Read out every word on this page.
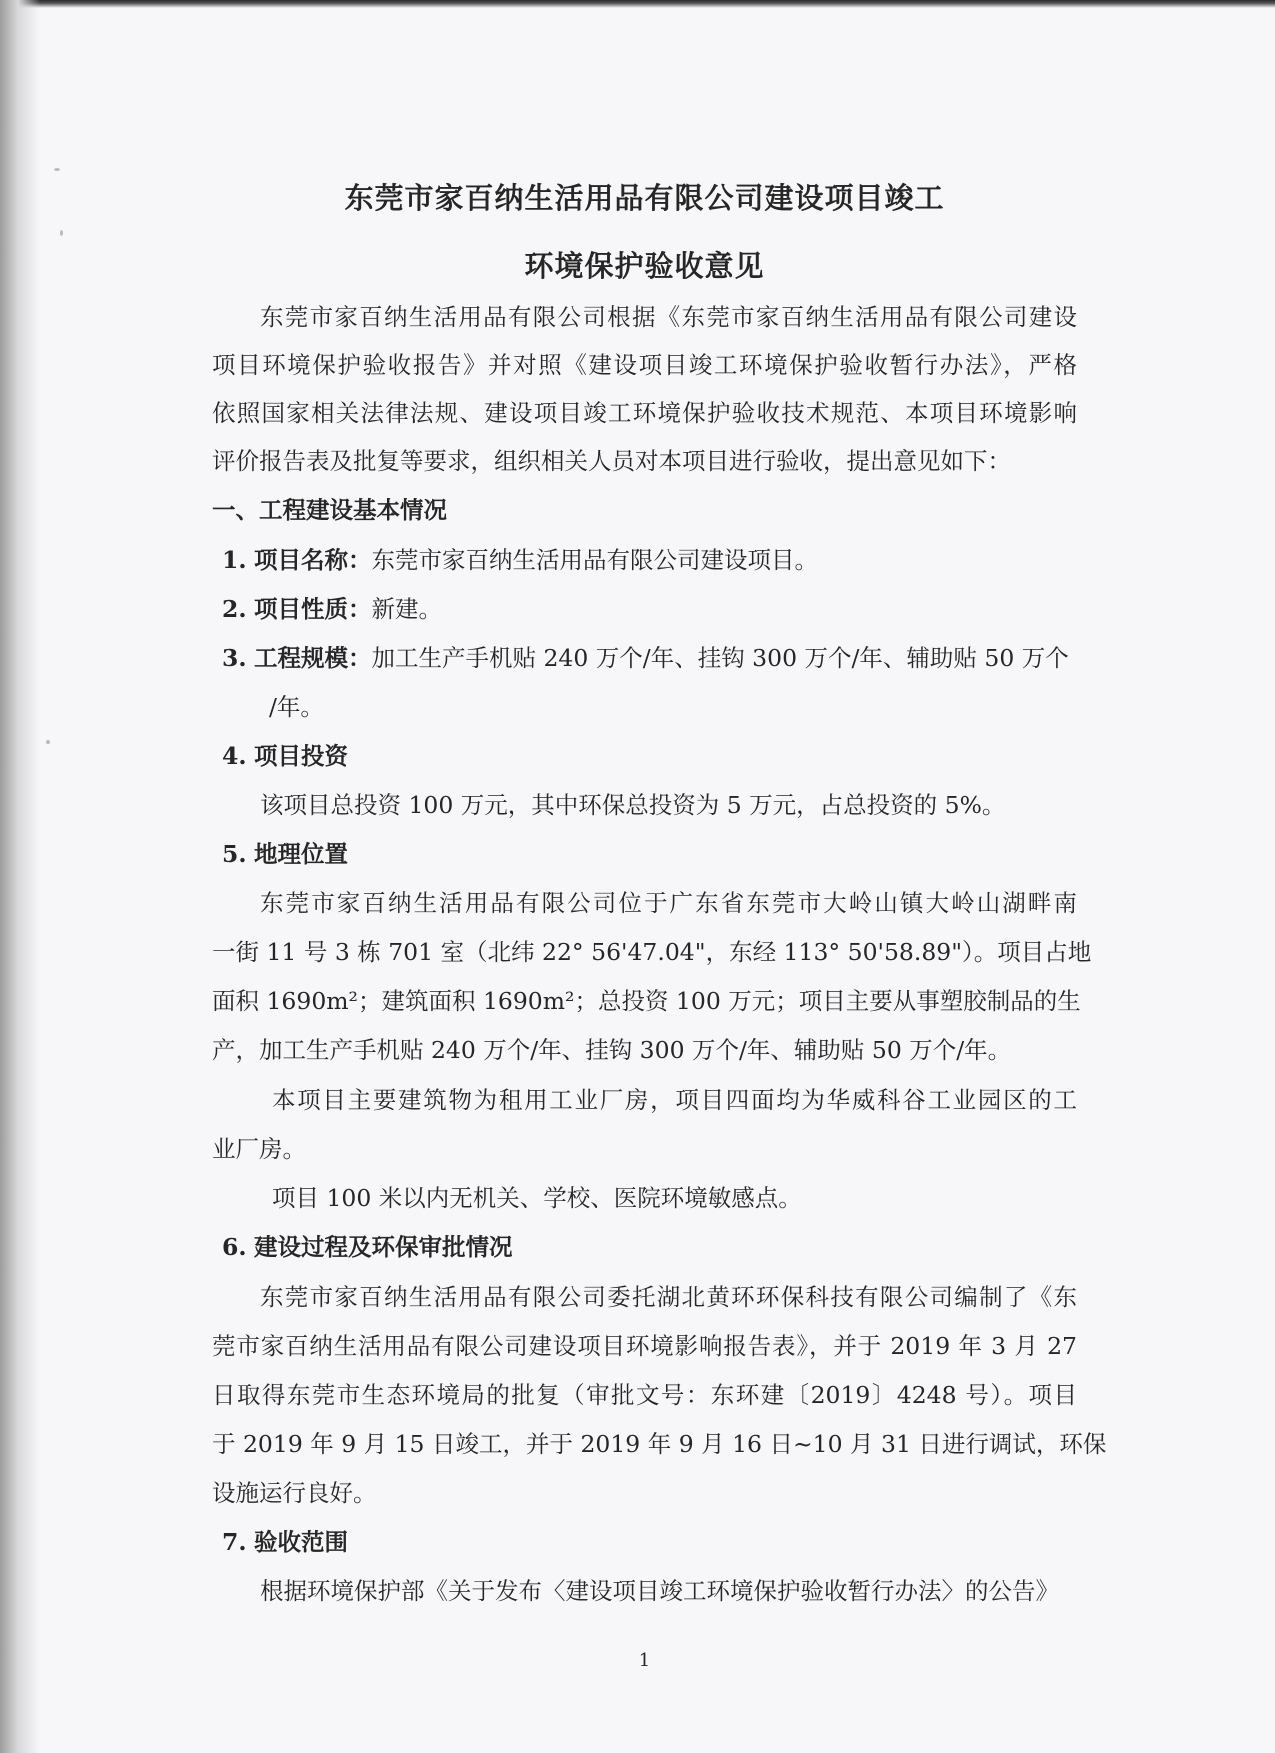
东莞市家百纳生活用品有限公司建设项目竣工
环境保护验收意见
东莞市家百纳生活用品有限公司根据《东莞市家百纳生活用品有限公司建设
项目环境保护验收报告》并对照《建设项目竣工环境保护验收暂行办法》，严格
依照国家相关法律法规、建设项目竣工环境保护验收技术规范、本项目环境影响
评价报告表及批复等要求，组织相关人员对本项目进行验收，提出意见如下：
一、工程建设基本情况
1. 项目名称：东莞市家百纳生活用品有限公司建设项目。
2. 项目性质：新建。
3. 工程规模：加工生产手机贴 240 万个/年、挂钩 300 万个/年、辅助贴 50 万个
/年。
4. 项目投资
该项目总投资 100 万元，其中环保总投资为 5 万元，占总投资的 5%。
5. 地理位置
东莞市家百纳生活用品有限公司位于广东省东莞市大岭山镇大岭山湖畔南
一街 11 号 3 栋 701 室（北纬 22° 56'47.04"，东经 113° 50'58.89"）。项目占地
面积 1690m²；建筑面积 1690m²；总投资 100 万元；项目主要从事塑胶制品的生
产，加工生产手机贴 240 万个/年、挂钩 300 万个/年、辅助贴 50 万个/年。
本项目主要建筑物为租用工业厂房，项目四面均为华威科谷工业园区的工
业厂房。
项目 100 米以内无机关、学校、医院环境敏感点。
6. 建设过程及环保审批情况
东莞市家百纳生活用品有限公司委托湖北黄环环保科技有限公司编制了《东
莞市家百纳生活用品有限公司建设项目环境影响报告表》，并于 2019 年 3 月 27
日取得东莞市生态环境局的批复（审批文号：东环建〔2019〕4248 号）。项目
于 2019 年 9 月 15 日竣工，并于 2019 年 9 月 16 日~10 月 31 日进行调试，环保
设施运行良好。
7. 验收范围
根据环境保护部《关于发布〈建设项目竣工环境保护验收暂行办法〉的公告》
1
